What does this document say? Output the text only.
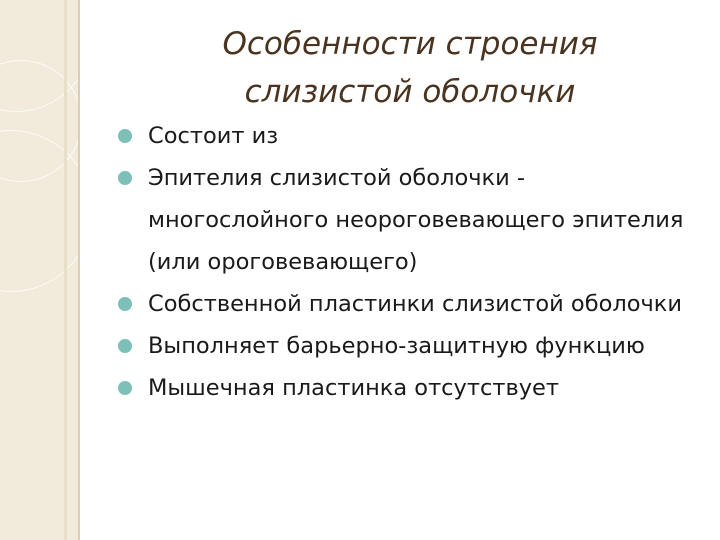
Особенности строения
слизистой оболочки
Состоит из
Эпителия слизистой оболочки - многослойного неороговевающего эпителия (или ороговевающего)
Собственной пластинки слизистой оболочки
Выполняет барьерно-защитную функцию
Мышечная пластинка отсутствует
